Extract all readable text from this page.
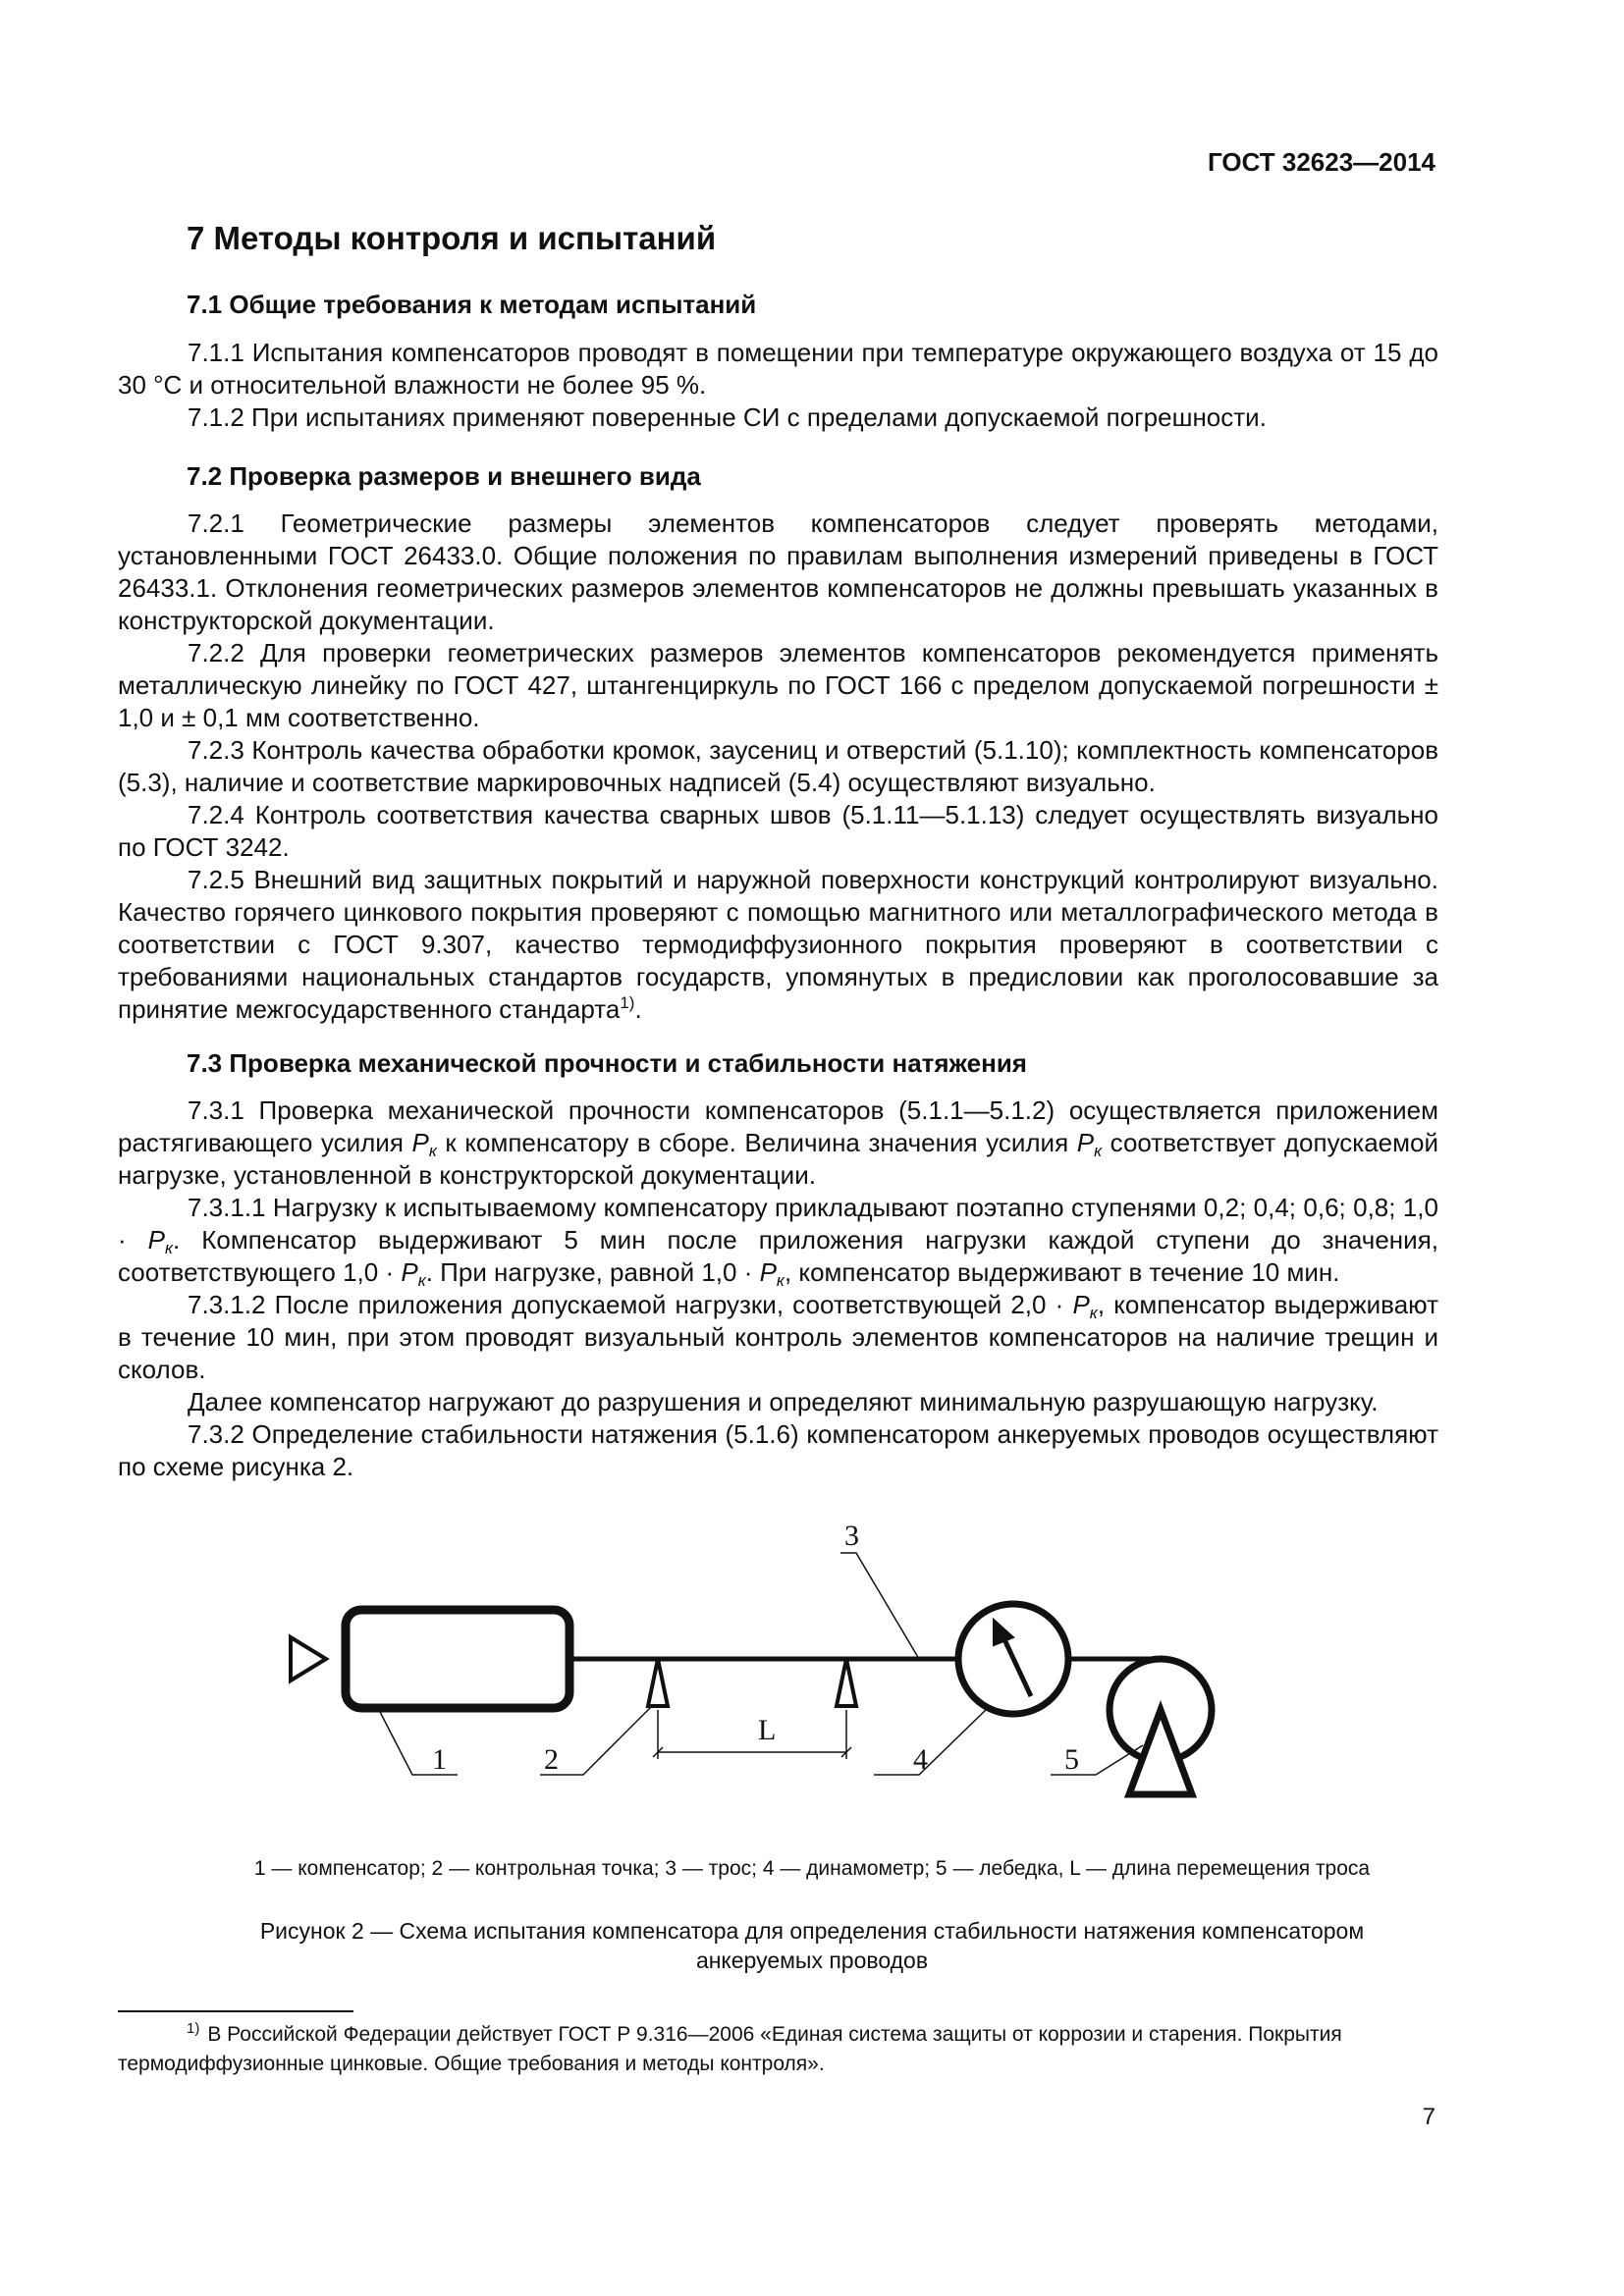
ГОСТ 32623—2014
7 Методы контроля и испытаний
7.1 Общие требования к методам испытаний

7.1.1 Испытания компенсаторов проводят в помещении при температуре окружающего воздуха от 15 до 30 °С и относительной влажности не более 95 %.

7.1.2 При испытаниях применяют поверенные СИ с пределами допускаемой погрешности.

7.2 Проверка размеров и внешнего вида

7.2.1 Геометрические размеры элементов компенсаторов следует проверять методами, установленными ГОСТ 26433.0. Общие положения по правилам выполнения измерений приведены в ГОСТ 26433.1. Отклонения геометрических размеров элементов компенсаторов не должны превышать указанных в конструкторской документации.

7.2.2 Для проверки геометрических размеров элементов компенсаторов рекомендуется применять металлическую линейку по ГОСТ 427, штангенциркуль по ГОСТ 166 с пределом допускаемой погрешности ± 1,0 и ± 0,1 мм соответственно.

7.2.3 Контроль качества обработки кромок, заусениц и отверстий (5.1.10); комплектность компенсаторов (5.3), наличие и соответствие маркировочных надписей (5.4) осуществляют визуально.

7.2.4 Контроль соответствия качества сварных швов (5.1.11—5.1.13) следует осуществлять визуально по ГОСТ 3242.

7.2.5 Внешний вид защитных покрытий и наружной поверхности конструкций контролируют визуально. Качество горячего цинкового покрытия проверяют с помощью магнитного или металлографического метода в соответствии с ГОСТ 9.307, качество термодиффузионного покрытия проверяют в соответствии с требованиями национальных стандартов государств, упомянутых в предисловии как проголосовавшие за принятие межгосударственного стандарта$^{1)}$.

7.3 Проверка механической прочности и стабильности натяжения

7.3.1 Проверка механической прочности компенсаторов (5.1.1—5.1.2) осуществляется приложением растягивающего усилия $P_к$ к компенсатору в сборе. Величина значения усилия $P_к$ соответствует допускаемой нагрузке, установленной в конструкторской документации.

7.3.1.1 Нагрузку к испытываемому компенсатору прикладывают поэтапно ступенями 0,2; 0,4; 0,6; 0,8; $1,0 \cdot P_к$. Компенсатор выдерживают 5 мин после приложения нагрузки каждой ступени до значения, соответствующего $1,0 \cdot P_к$. При нагрузке, равной $1,0 \cdot P_к$, компенсатор выдерживают в течение 10 мин.

7.3.1.2 После приложения допускаемой нагрузки, соответствующей $2,0 \cdot P_к$, компенсатор выдерживают в течение 10 мин, при этом проводят визуальный контроль элементов компенсаторов на наличие трещин и сколов.

Далее компенсатор нагружают до разрушения и определяют минимальную разрушающую нагрузку.

7.3.2 Определение стабильности натяжения (5.1.6) компенсатором анкеруемых проводов осуществляют по схеме рисунка 2.

1	2
3
4	5
L
1 — компенсатор; 2 — контрольная точка; 3 — трос; 4 — динамометр; 5 — лебедка, L — длина перемещения троса
Рисунок 2 — Схема испытания компенсатора для определения стабильности натяжения компенсатором
анкеруемых проводов

$^{1)}$ В Российской Федерации действует ГОСТ Р 9.316—2006 «Единая система защиты от коррозии и старения. Покрытия термодиффузионные цинковые. Общие требования и методы контроля».

7
